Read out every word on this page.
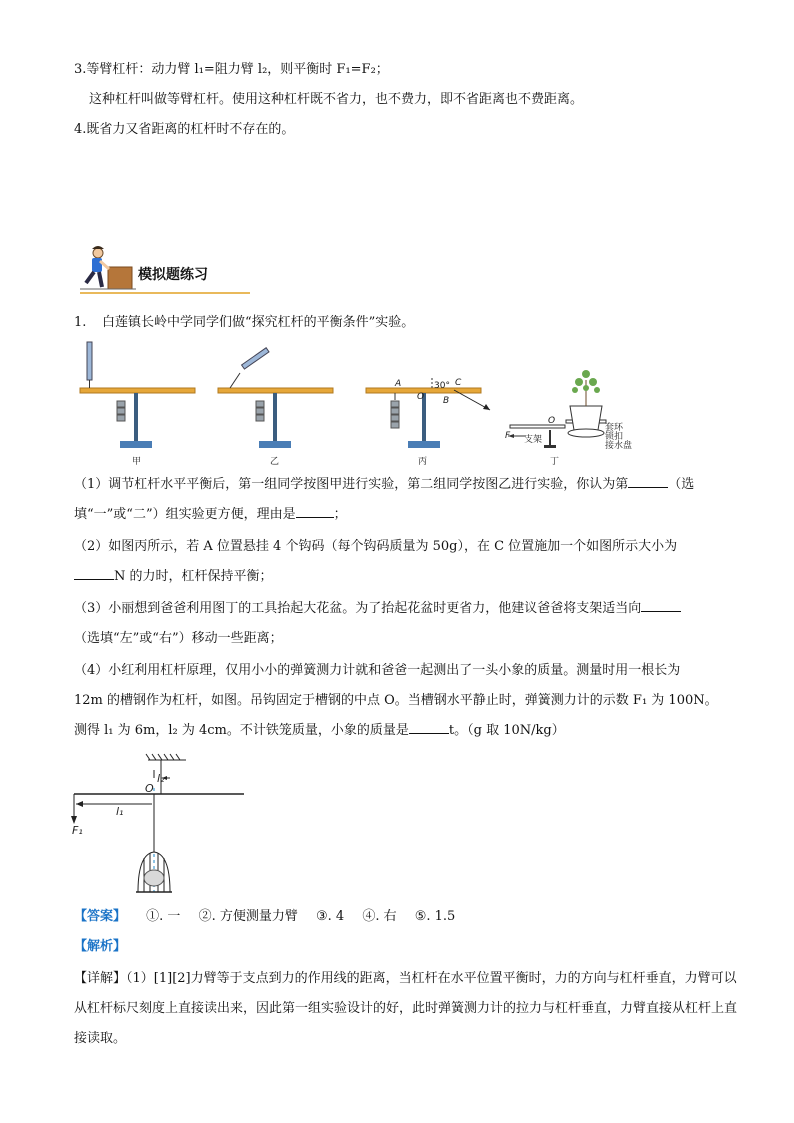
3.等臂杠杆：动力臂 l₁=阻力臂 l₂，则平衡时 F₁=F₂；
这种杠杆叫做等臂杠杆。使用这种杠杆既不省力，也不费力，即不省距离也不费距离。
4.既省力又省距离的杠杆时不存在的。
模拟题练习
1. 白莲镇长岭中学同学们做“探究杠杆的平衡条件”实验。
A	30° C
O B
O
F 支架
套环
锁扣
接水盘
甲	乙	丙	丁
（1）调节杠杆水平平衡后，第一组同学按图甲进行实验，第二组同学按图乙进行实验，你认为第	（选
填“一”或“二”）组实验更方便，理由是	；
（2）如图丙所示，若 A 位置悬挂 4 个钩码（每个钩码质量为 50g），在 C 位置施加一个如图所示大小为
N 的力时，杠杆保持平衡；
（3）小丽想到爸爸利用图丁的工具抬起大花盆。为了抬起花盆时更省力，他建议爸爸将支架适当向
（选填“左”或“右”）移动一些距离；
（4）小红利用杠杆原理，仅用小小的弹簧测力计就和爸爸一起测出了一头小象的质量。测量时用一根长为
12m 的槽钢作为杠杆，如图。吊钩固定于槽钢的中点 O。当槽钢水平静止时，弹簧测力计的示数 F₁ 为 100N。
测得 l₁ 为 6m，l₂ 为 4cm。不计铁笼质量，小象的质量是	t。（g 取 10N/kg）
O
l₂
l₁
F₁
【答案】 ①. 一 ②. 方便测量力臂 ③. 4 ④. 右 ⑤. 1.5
【解析】
【详解】（1）[1][2]力臂等于支点到力的作用线的距离，当杠杆在水平位置平衡时，力的方向与杠杆垂直，力臂可以从杠杆标尺刻度上直接读出来，因此第一组实验设计的好，此时弹簧测力计的拉力与杠杆垂直，力臂直接从杠杆上直接读取。
